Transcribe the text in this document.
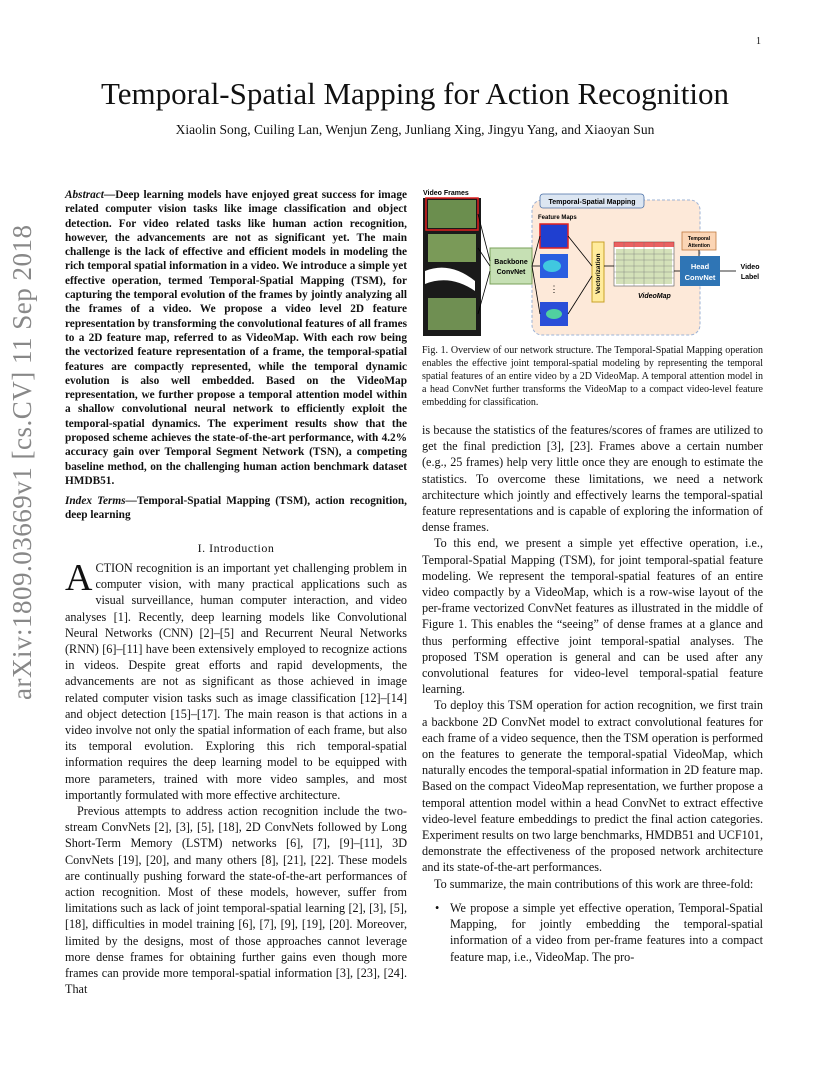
1
arXiv:1809.03669v1 [cs.CV] 11 Sep 2018
Temporal-Spatial Mapping for Action Recognition
Xiaolin Song, Cuiling Lan, Wenjun Zeng, Junliang Xing, Jingyu Yang, and Xiaoyan Sun
Abstract—Deep learning models have enjoyed great success for image related computer vision tasks like image classification and object detection. For video related tasks like human action recognition, however, the advancements are not as significant yet. The main challenge is the lack of effective and efficient models in modeling the rich temporal spatial information in a video. We introduce a simple yet effective operation, termed Temporal-Spatial Mapping (TSM), for capturing the temporal evolution of the frames by jointly analyzing all the frames of a video. We propose a video level 2D feature representation by transforming the convolutional features of all frames to a 2D feature map, referred to as VideoMap. With each row being the vectorized feature representation of a frame, the temporal-spatial features are compactly represented, while the temporal dynamic evolution is also well embedded. Based on the VideoMap representation, we further propose a temporal attention model within a shallow convolutional neural network to efficiently exploit the temporal-spatial dynamics. The experiment results show that the proposed scheme achieves the state-of-the-art performance, with 4.2% accuracy gain over Temporal Segment Network (TSN), a competing baseline method, on the challenging human action benchmark dataset HMDB51.
Index Terms—Temporal-Spatial Mapping (TSM), action recognition, deep learning
I. Introduction

ACTION recognition is an important yet challenging problem in computer vision, with many practical applications such as visual surveillance, human computer interaction, and video analyses [1]. Recently, deep learning models like Convolutional Neural Networks (CNN) [2]–[5] and Recurrent Neural Networks (RNN) [6]–[11] have been extensively employed to recognize actions in videos. Despite great efforts and rapid developments, the advancements are not as significant as those achieved in image related computer vision tasks such as image classification [12]–[14] and object detection [15]–[17]. The main reason is that actions in a video involve not only the spatial information of each frame, but also its temporal evolution. Exploring this rich temporal-spatial information requires the deep learning model to be equipped with more parameters, trained with more video samples, and most importantly formulated with more effective architecture.

Previous attempts to address action recognition include the two-stream ConvNets [2], [3], [5], [18], 2D ConvNets followed by Long Short-Term Memory (LSTM) networks [6], [7], [9]–[11], 3D ConvNets [19], [20], and many others [8], [21], [22]. These models are continually pushing forward the state-of-the-art performances of action recognition. Most of these models, however, suffer from limitations such as lack of joint temporal-spatial learning [2], [3], [5], [18], difficulties in model training [6], [7], [9], [19], [20]. Moreover, limited by the designs, most of those approaches cannot leverage more dense frames for obtaining further gains even though more frames can provide more temporal-spatial information [3], [23], [24]. That

Video Frames
Temporal-Spatial Mapping
Feature Maps
Backbone
ConvNet
⋮	Vectorization
VideoMap
Temporal
Attention
Head
ConvNet
Video
Label
Fig. 1. Overview of our network structure. The Temporal-Spatial Mapping operation enables the effective joint temporal-spatial modeling by representing the temporal spatial features of an entire video by a 2D VideoMap. A temporal attention model in a head ConvNet further transforms the VideoMap to a compact video-level feature embedding for classification.

is because the statistics of the features/scores of frames are utilized to get the final prediction [3], [23]. Frames above a certain number (e.g., 25 frames) help very little once they are enough to estimate the statistics. To overcome these limitations, we need a network architecture which jointly and effectively learns the temporal-spatial feature representations and is capable of exploring the information of dense frames.

To this end, we present a simple yet effective operation, i.e., Temporal-Spatial Mapping (TSM), for joint temporal-spatial feature modeling. We represent the temporal-spatial features of an entire video compactly by a VideoMap, which is a row-wise layout of the per-frame vectorized ConvNet features as illustrated in the middle of Figure 1. This enables the “seeing” of dense frames at a glance and thus performing effective joint temporal-spatial analyses. The proposed TSM operation is general and can be used after any convolutional features for video-level temporal-spatial feature learning.

To deploy this TSM operation for action recognition, we first train a backbone 2D ConvNet model to extract convolutional features for each frame of a video sequence, then the TSM operation is performed on the features to generate the temporal-spatial VideoMap, which naturally encodes the temporal-spatial information in 2D feature map. Based on the compact VideoMap representation, we further propose a temporal attention model within a head ConvNet to extract effective video-level feature embeddings to predict the final action categories. Experiment results on two large benchmarks, HMDB51 and UCF101, demonstrate the effectiveness of the proposed network architecture and its state-of-the-art performances.

To summarize, the main contributions of this work are three-fold:

• We propose a simple yet effective operation, Temporal-Spatial Mapping, for jointly embedding the temporal-spatial information of a video from per-frame features into a compact feature map, i.e., VideoMap. The pro-
